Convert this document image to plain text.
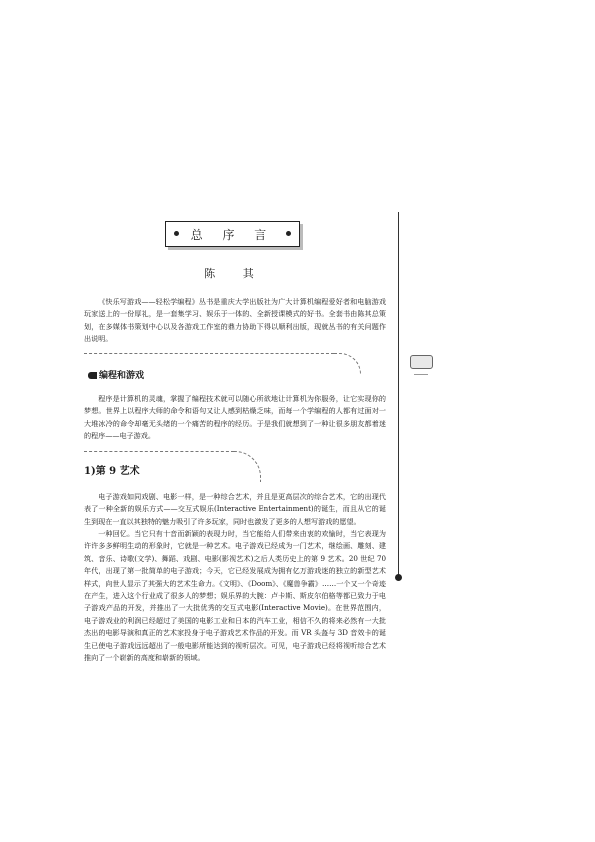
总 序 言
陈 其

《快乐写游戏——轻松学编程》丛书是重庆大学出版社为广大计算机编程爱好者和电脑游戏玩家送上的一份厚礼，是一套集学习、娱乐于一体的、全新授课模式的好书。全套书由陈其总策划，在多媒体书策划中心以及各游戏工作室的鼎力协助下得以顺利出版，现就丛书的有关问题作出说明。

编程和游戏

程序是计算机的灵魂，掌握了编程技术就可以随心所欲地让计算机为你服务，让它实现你的梦想。世界上以程序大师的命令和语句又让人感到枯燥乏味，而每一个学编程的人都有过面对一大堆冰冷的命令却毫无头绪的一个痛苦的程序的经历。于是我们就想到了一种让很多朋友都着迷的程序——电子游戏。

1)第 9 艺术

电子游戏如同戏剧、电影一样，是一种综合艺术，并且是更高层次的综合艺术，它的出现代表了一种全新的娱乐方式——交互式娱乐(Interactive Entertainment)的诞生，而且从它的诞生到现在一直以其独特的魅力吸引了许多玩家，同时也激发了更多的人想写游戏的愿望。

一种回忆。当它只有十音而新颖的表现力时，当它能给人们带来由衷的欢愉时，当它表现为许许多多鲜明生动的形象时，它就是一种艺术。电子游戏已经成为一门艺术，继绘画、雕刻、建筑、音乐、诗歌(文学)、舞蹈、戏剧、电影(影视艺术)之后人类历史上的第 9 艺术。20 世纪 70 年代，出现了第一批简单的电子游戏；今天，它已经发展成为拥有亿万游戏迷的独立的新型艺术样式，向世人显示了其强大的艺术生命力。《文明》、《Doom》、《魔兽争霸》……一个又一个奇迹在产生，进入这个行业成了很多人的梦想；娱乐界的大腕：卢卡斯、斯皮尔伯格等都已致力于电子游戏产品的开发，并推出了一大批优秀的交互式电影(Interactive Movie)。在世界范围内，电子游戏业的利润已经超过了美国的电影工业和日本的汽车工业，相信不久的将来必然有一大批杰出的电影导演和真正的艺术家投身于电子游戏艺术作品的开发。而 VR 头盔与 3D 音效卡的诞生已使电子游戏远远超出了一般电影所能达到的视听层次。可见，电子游戏已经将视听综合艺术推向了一个崭新的高度和崭新的领域。
